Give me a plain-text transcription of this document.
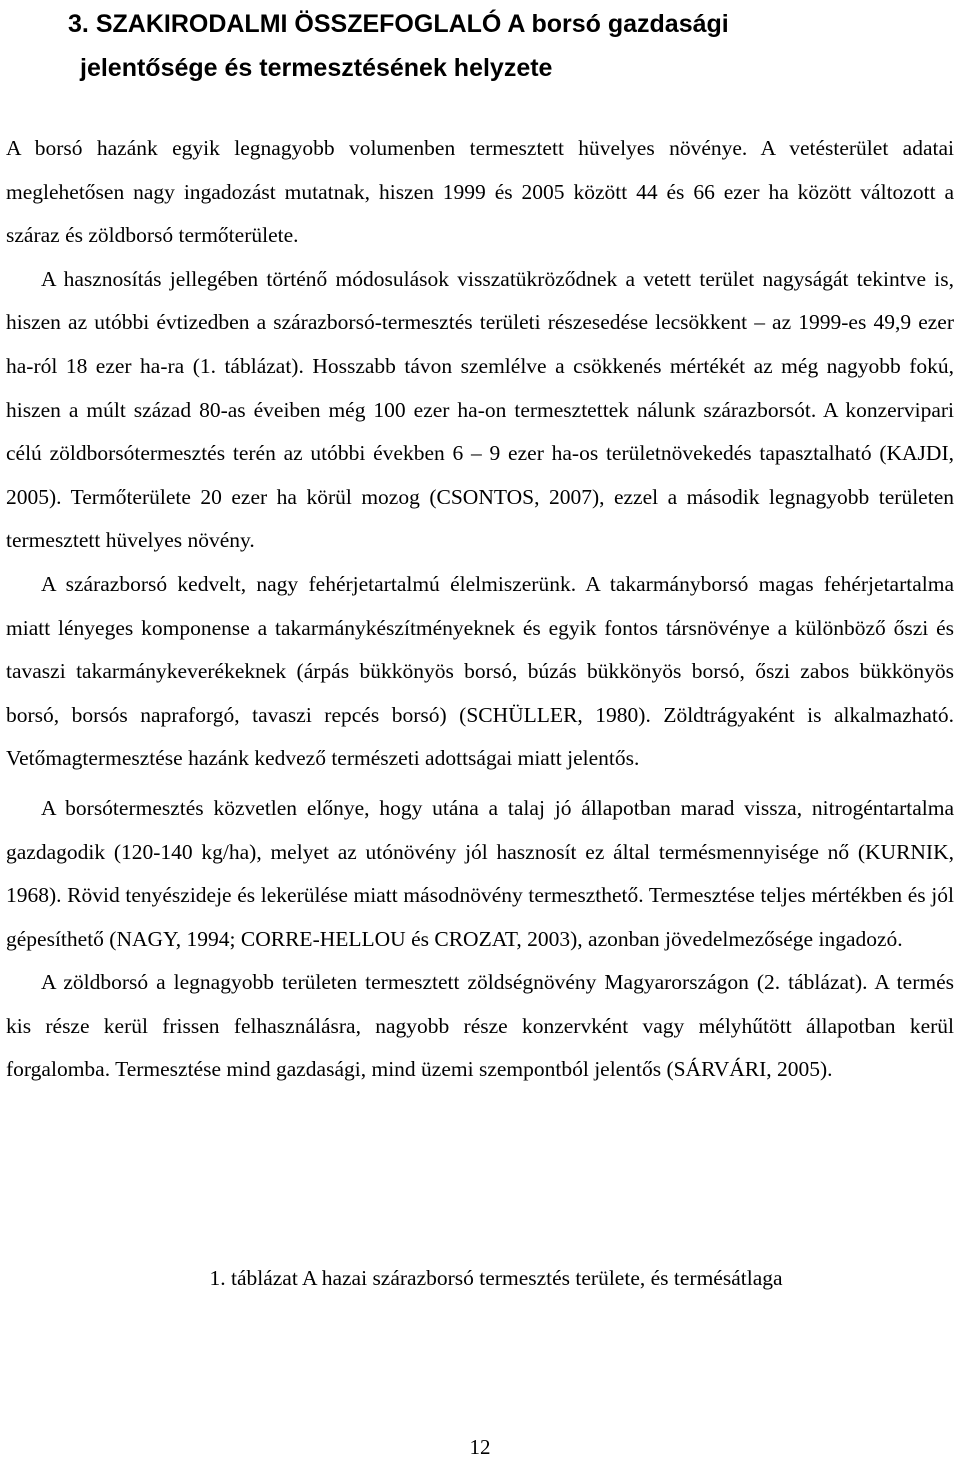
3. SZAKIRODALMI ÖSSZEFOGLALÓ A borsó gazdasági
jelentősége és termesztésének helyzete

A borsó hazánk egyik legnagyobb volumenben termesztett hüvelyes növénye. A vetésterület adatai meglehetősen nagy ingadozást mutatnak, hiszen 1999 és 2005 között 44 és 66 ezer ha között változott a száraz és zöldborsó termőterülete.

A hasznosítás jellegében történő módosulások visszatükröződnek a vetett terület nagyságát tekintve is, hiszen az utóbbi évtizedben a szárazborsó-termesztés területi részesedése lecsökkent – az 1999-es 49,9 ezer ha-ról 18 ezer ha-ra (1. táblázat). Hosszabb távon szemlélve a csökkenés mértékét az még nagyobb fokú, hiszen a múlt század 80-as éveiben még 100 ezer ha-on termesztettek nálunk szárazborsót. A konzervipari célú zöldborsótermesztés terén az utóbbi években 6 – 9 ezer ha-os területnövekedés tapasztalható (KAJDI, 2005). Termőterülete 20 ezer ha körül mozog (CSONTOS, 2007), ezzel a második legnagyobb területen termesztett hüvelyes növény.

A szárazborsó kedvelt, nagy fehérjetartalmú élelmiszerünk. A takarmányborsó magas fehérjetartalma miatt lényeges komponense a takarmánykészítményeknek és egyik fontos társnövénye a különböző őszi és tavaszi takarmánykeverékeknek (árpás bükkönyös borsó, búzás bükkönyös borsó, őszi zabos bükkönyös borsó, borsós napraforgó, tavaszi repcés borsó) (SCHÜLLER, 1980). Zöldtrágyaként is alkalmazható. Vetőmagtermesztése hazánk kedvező természeti adottságai miatt jelentős.

A borsótermesztés közvetlen előnye, hogy utána a talaj jó állapotban marad vissza, nitrogéntartalma gazdagodik (120-140 kg/ha), melyet az utónövény jól hasznosít ez által termésmennyisége nő (KURNIK, 1968). Rövid tenyészideje és lekerülése miatt másodnövény termeszthető. Termesztése teljes mértékben és jól gépesíthető (NAGY, 1994; CORRE-HELLOU és CROZAT, 2003), azonban jövedelmezősége ingadozó.

A zöldborsó a legnagyobb területen termesztett zöldségnövény Magyarországon (2. táblázat). A termés kis része kerül frissen felhasználásra, nagyobb része konzervként vagy mélyhűtött állapotban kerül forgalomba. Termesztése mind gazdasági, mind üzemi szempontból jelentős (SÁRVÁRI, 2005).

1. táblázat A hazai szárazborsó termesztés területe, és termésátlaga

12
